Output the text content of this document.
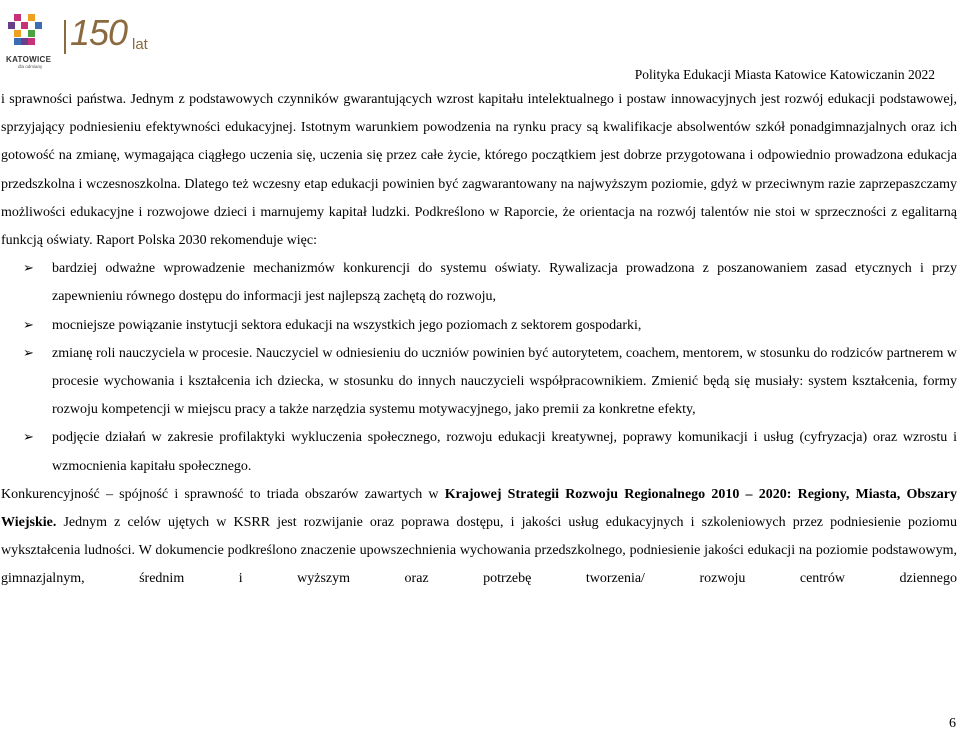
KATOWICE
dla odmiany
150 lat
Polityka Edukacji Miasta Katowice Katowiczanin 2022

i sprawności państwa. Jednym z podstawowych czynników gwarantujących wzrost kapitału intelektualnego i postaw innowacyjnych jest rozwój edukacji podstawowej, sprzyjający podniesieniu efektywności edukacyjnej. Istotnym warunkiem powodzenia na rynku pracy są kwalifikacje absolwentów szkół ponadgimnazjalnych oraz ich gotowość na zmianę, wymagająca ciągłego uczenia się, uczenia się przez całe życie, którego początkiem jest dobrze przygotowana i odpowiednio prowadzona edukacja przedszkolna i wczesnoszkolna. Dlatego też wczesny etap edukacji powinien być zagwarantowany na najwyższym poziomie, gdyż w przeciwnym razie zaprzepaszczamy możliwości edukacyjne i rozwojowe dzieci i marnujemy kapitał ludzki. Podkreślono w Raporcie, że orientacja na rozwój talentów nie stoi w sprzeczności z egalitarną funkcją oświaty. Raport Polska 2030 rekomenduje więc:

➢ bardziej odważne wprowadzenie mechanizmów konkurencji do systemu oświaty. Rywalizacja prowadzona z poszanowaniem zasad etycznych i przy zapewnieniu równego dostępu do informacji jest najlepszą zachętą do rozwoju,
➢ mocniejsze powiązanie instytucji sektora edukacji na wszystkich jego poziomach z sektorem gospodarki,
➢ zmianę roli nauczyciela w procesie. Nauczyciel w odniesieniu do uczniów powinien być autorytetem, coachem, mentorem, w stosunku do rodziców partnerem w procesie wychowania i kształcenia ich dziecka, w stosunku do innych nauczycieli współpracownikiem. Zmienić będą się musiały: system kształcenia, formy rozwoju kompetencji w miejscu pracy a także narzędzia systemu motywacyjnego, jako premii za konkretne efekty,
➢ podjęcie działań w zakresie profilaktyki wykluczenia społecznego, rozwoju edukacji kreatywnej, poprawy komunikacji i usług (cyfryzacja) oraz wzrostu i wzmocnienia kapitału społecznego.

Konkurencyjność – spójność i sprawność to triada obszarów zawartych w Krajowej Strategii Rozwoju Regionalnego 2010 – 2020: Regiony, Miasta, Obszary Wiejskie. Jednym z celów ujętych w KSRR jest rozwijanie oraz poprawa dostępu, i jakości usług edukacyjnych i szkoleniowych przez podniesienie poziomu wykształcenia ludności. W dokumencie podkreślono znaczenie upowszechnienia wychowania przedszkolnego, podniesienie jakości edukacji na poziomie podstawowym, gimnazjalnym, średnim i wyższym oraz potrzebę tworzenia/ rozwoju centrów dziennego

6
